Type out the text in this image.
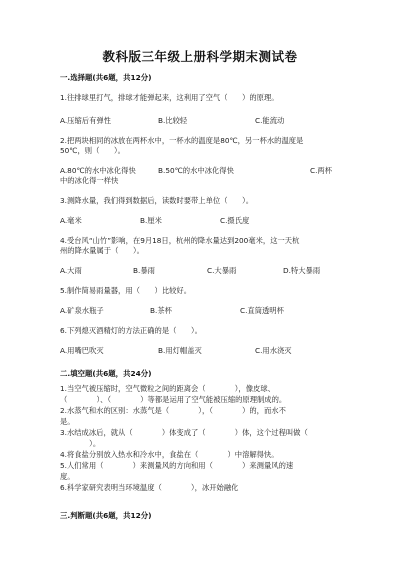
教科版三年级上册科学期末测试卷
一.选择题(共6题，共12分)
1.往排球里打气，排球才能弹起来，这利用了空气（　　）的原理。
A.压缩后有弹性	B.比较轻	C.能流动
2.把两块相同的冰放在两杯水中，一杯水的温度是80℃，另一杯水的温度是
50℃，则（　　）。
A.80℃的水中冰化得快	B.50℃的水中冰化得快	C.两杯
中的冰化得一样快
3.测降水量，我们得到数据后，读数时要带上单位（　　）。
A.毫米	B.厘米	C.摄氏度
4.受台风“山竹”影响，在9月18日，杭州的降水量达到200毫米，这一天杭
州的降水量属于（　　）。
A.大雨	B.暴雨	C.大暴雨	D.特大暴雨
5.制作简易雨量器，用（　　）比较好。
A.矿泉水瓶子	B.茶杯	C.直筒透明杯
6.下列熄灭酒精灯的方法正确的是（　　）。
A.用嘴巴吹灭	B.用灯帽盖灭	C.用水浇灭
二.填空题(共6题，共24分)
1.当空气被压缩时，空气微粒之间的距离会（　　　　），像皮球、
（　　　　）、（　　　　）等都是运用了空气能被压缩的原理制成的。
2.水蒸气和水的区别：水蒸气是（　　　　），（　　　　）的，而水不
是。
3.水结成冰后，就从（　　　　）体变成了（　　　　）体，这个过程叫做（
　　　　）。
4.将食盐分别放入热水和冷水中，食盐在（　　　　）中溶解得快。
5.人们常用（　　　　）来测量风的方向和用（　　　　）来测量风的速
度。
6.科学家研究表明当环境温度（　　　　），冰开始融化
三.判断题(共6题，共12分)
